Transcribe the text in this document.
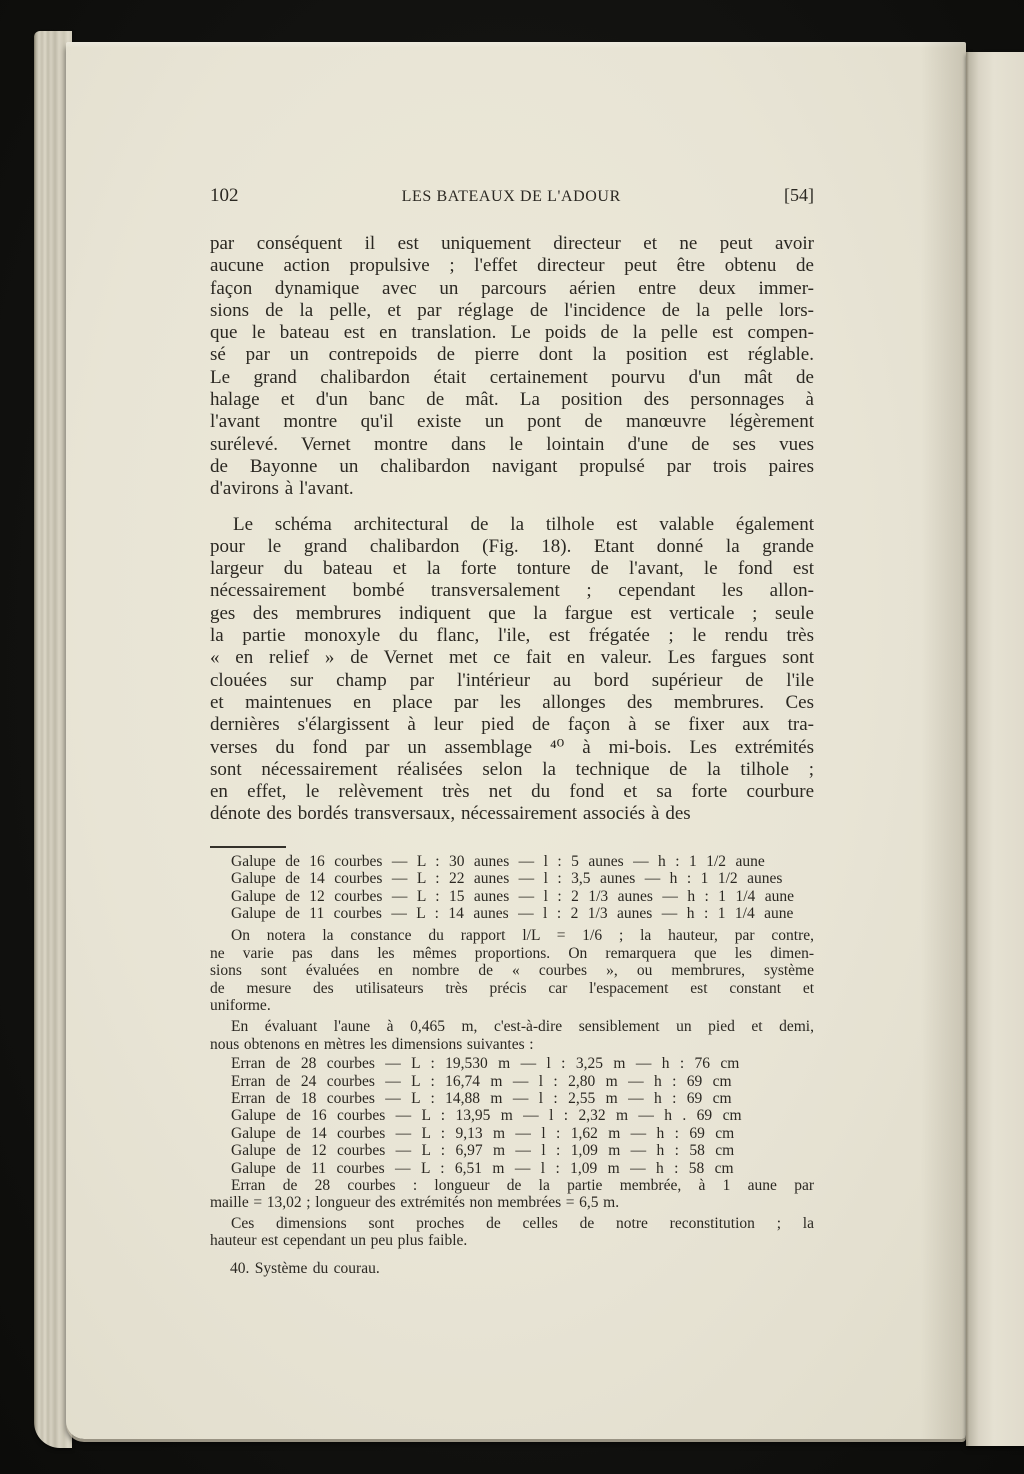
102	LES BATEAUX DE L'ADOUR	[54]
par conséquent il est uniquement directeur et ne peut avoir
aucune action propulsive ; l'effet directeur peut être obtenu de
façon dynamique avec un parcours aérien entre deux immer-
sions de la pelle, et par réglage de l'incidence de la pelle lors-
que le bateau est en translation. Le poids de la pelle est compen-
sé par un contrepoids de pierre dont la position est réglable.
Le grand chalibardon était certainement pourvu d'un mât de
halage et d'un banc de mât. La position des personnages à
l'avant montre qu'il existe un pont de manœuvre légèrement
surélevé. Vernet montre dans le lointain d'une de ses vues
de Bayonne un chalibardon navigant propulsé par trois paires
d'avirons à l'avant.
Le schéma architectural de la tilhole est valable également
pour le grand chalibardon (Fig. 18). Etant donné la grande
largeur du bateau et la forte tonture de l'avant, le fond est
nécessairement bombé transversalement ; cependant les allon-
ges des membrures indiquent que la fargue est verticale ; seule
la partie monoxyle du flanc, l'ile, est frégatée ; le rendu très
« en relief » de Vernet met ce fait en valeur. Les fargues sont
clouées sur champ par l'intérieur au bord supérieur de l'ile
et maintenues en place par les allonges des membrures. Ces
dernières s'élargissent à leur pied de façon à se fixer aux tra-
verses du fond par un assemblage ⁴⁰ à mi-bois. Les extrémités
sont nécessairement réalisées selon la technique de la tilhole ;
en effet, le relèvement très net du fond et sa forte courbure
dénote des bordés transversaux, nécessairement associés à des
Galupe de 16 courbes — L : 30 aunes — l : 5 aunes — h : 1 1/2 aune
Galupe de 14 courbes — L : 22 aunes — l : 3,5 aunes — h : 1 1/2 aunes
Galupe de 12 courbes — L : 15 aunes — l : 2 1/3 aunes — h : 1 1/4 aune
Galupe de 11 courbes — L : 14 aunes — l : 2 1/3 aunes — h : 1 1/4 aune
On notera la constance du rapport l/L = 1/6 ; la hauteur, par contre,
ne varie pas dans les mêmes proportions. On remarquera que les dimen-
sions sont évaluées en nombre de « courbes », ou membrures, système
de mesure des utilisateurs très précis car l'espacement est constant et
uniforme.
En évaluant l'aune à 0,465 m, c'est-à-dire sensiblement un pied et demi,
nous obtenons en mètres les dimensions suivantes :
Erran de 28 courbes — L : 19,530 m — l : 3,25 m — h : 76 cm
Erran de 24 courbes — L : 16,74 m — l : 2,80 m — h : 69 cm
Erran de 18 courbes — L : 14,88 m — l : 2,55 m — h : 69 cm
Galupe de 16 courbes — L : 13,95 m — l : 2,32 m — h . 69 cm
Galupe de 14 courbes — L : 9,13 m — l : 1,62 m — h : 69 cm
Galupe de 12 courbes — L : 6,97 m — l : 1,09 m — h : 58 cm
Galupe de 11 courbes — L : 6,51 m — l : 1,09 m — h : 58 cm
Erran de 28 courbes : longueur de la partie membrée, à 1 aune par
maille = 13,02 ; longueur des extrémités non membrées = 6,5 m.
Ces dimensions sont proches de celles de notre reconstitution ; la
hauteur est cependant un peu plus faible.
40. Système du courau.
